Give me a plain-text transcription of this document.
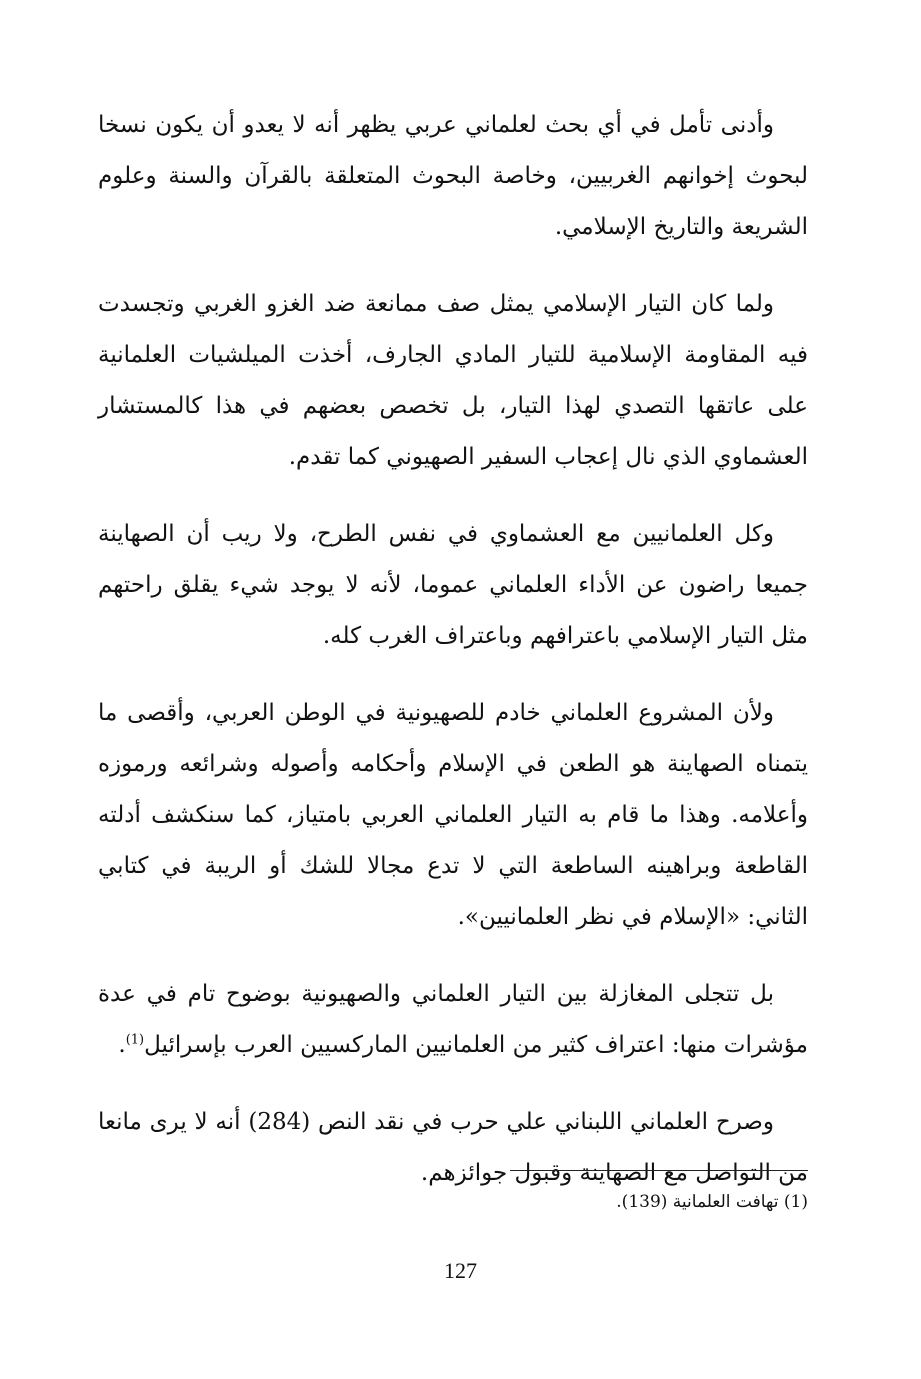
وأدنى تأمل في أي بحث لعلماني عربي يظهر أنه لا يعدو أن يكون نسخا لبحوث إخوانهم الغربيين، وخاصة البحوث المتعلقة بالقرآن والسنة وعلوم الشريعة والتاريخ الإسلامي.

ولما كان التيار الإسلامي يمثل صف ممانعة ضد الغزو الغربي وتجسدت فيه المقاومة الإسلامية للتيار المادي الجارف، أخذت الميلشيات العلمانية على عاتقها التصدي لهذا التيار، بل تخصص بعضهم في هذا كالمستشار العشماوي الذي نال إعجاب السفير الصهيوني كما تقدم.

وكل العلمانيين مع العشماوي في نفس الطرح، ولا ريب أن الصهاينة جميعا راضون عن الأداء العلماني عموما، لأنه لا يوجد شيء يقلق راحتهم مثل التيار الإسلامي باعترافهم وباعتراف الغرب كله.

ولأن المشروع العلماني خادم للصهيونية في الوطن العربي، وأقصى ما يتمناه الصهاينة هو الطعن في الإسلام وأحكامه وأصوله وشرائعه ورموزه وأعلامه. وهذا ما قام به التيار العلماني العربي بامتياز، كما سنكشف أدلته القاطعة وبراهينه الساطعة التي لا تدع مجالا للشك أو الريبة في كتابي الثاني: «الإسلام في نظر العلمانيين».

بل تتجلى المغازلة بين التيار العلماني والصهيونية بوضوح تام في عدة مؤشرات منها: اعتراف كثير من العلمانيين الماركسيين العرب بإسرائيل$^{(1)}$.

وصرح العلماني اللبناني علي حرب في نقد النص (284) أنه لا يرى مانعا من التواصل مع الصهاينة وقبول جوائزهم.

(1) تهافت العلمانية (139).
127
